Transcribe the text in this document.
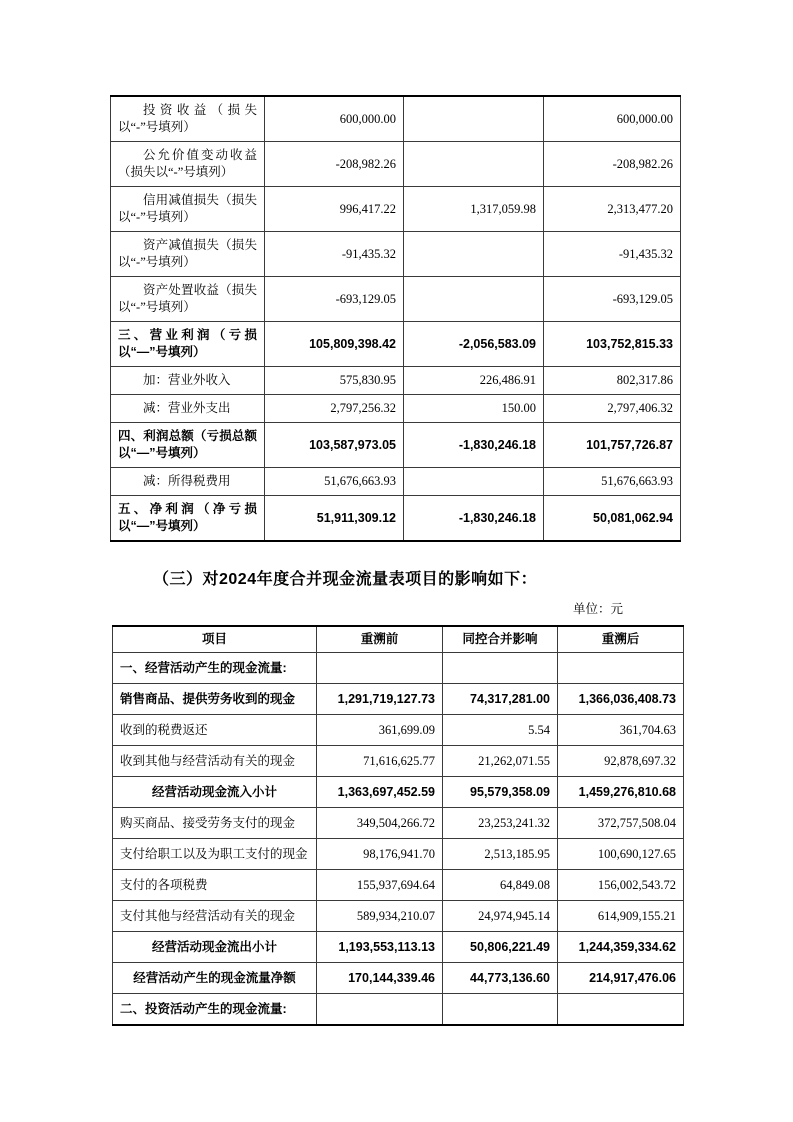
投资收益（损失以“-”号填列）	600,000.00		600,000.00
公允价值变动收益（损失以“-”号填列）	-208,982.26		-208,982.26
信用减值损失（损失以“-”号填列）	996,417.22	1,317,059.98	2,313,477.20
资产减值损失（损失以“-”号填列）	-91,435.32		-91,435.32
资产处置收益（损失以“-”号填列）	-693,129.05		-693,129.05
三、营业利润（亏损以“—”号填列）	105,809,398.42	-2,056,583.09	103,752,815.33
加：营业外收入	575,830.95	226,486.91	802,317.86
减：营业外支出	2,797,256.32	150.00	2,797,406.32
四、利润总额（亏损总额以“—”号填列）	103,587,973.05	-1,830,246.18	101,757,726.87
减：所得税费用	51,676,663.93		51,676,663.93
五、净利润（净亏损以“—”号填列）	51,911,309.12	-1,830,246.18	50,081,062.94
（三）对2024年度合并现金流量表项目的影响如下：
单位：元
项目	重溯前	同控合并影响	重溯后
一、经营活动产生的现金流量:			
销售商品、提供劳务收到的现金	1,291,719,127.73	74,317,281.00	1,366,036,408.73
收到的税费返还	361,699.09	5.54	361,704.63
收到其他与经营活动有关的现金	71,616,625.77	21,262,071.55	92,878,697.32
经营活动现金流入小计	1,363,697,452.59	95,579,358.09	1,459,276,810.68
购买商品、接受劳务支付的现金	349,504,266.72	23,253,241.32	372,757,508.04
支付给职工以及为职工支付的现金	98,176,941.70	2,513,185.95	100,690,127.65
支付的各项税费	155,937,694.64	64,849.08	156,002,543.72
支付其他与经营活动有关的现金	589,934,210.07	24,974,945.14	614,909,155.21
经营活动现金流出小计	1,193,553,113.13	50,806,221.49	1,244,359,334.62
经营活动产生的现金流量净额	170,144,339.46	44,773,136.60	214,917,476.06
二、投资活动产生的现金流量:			
